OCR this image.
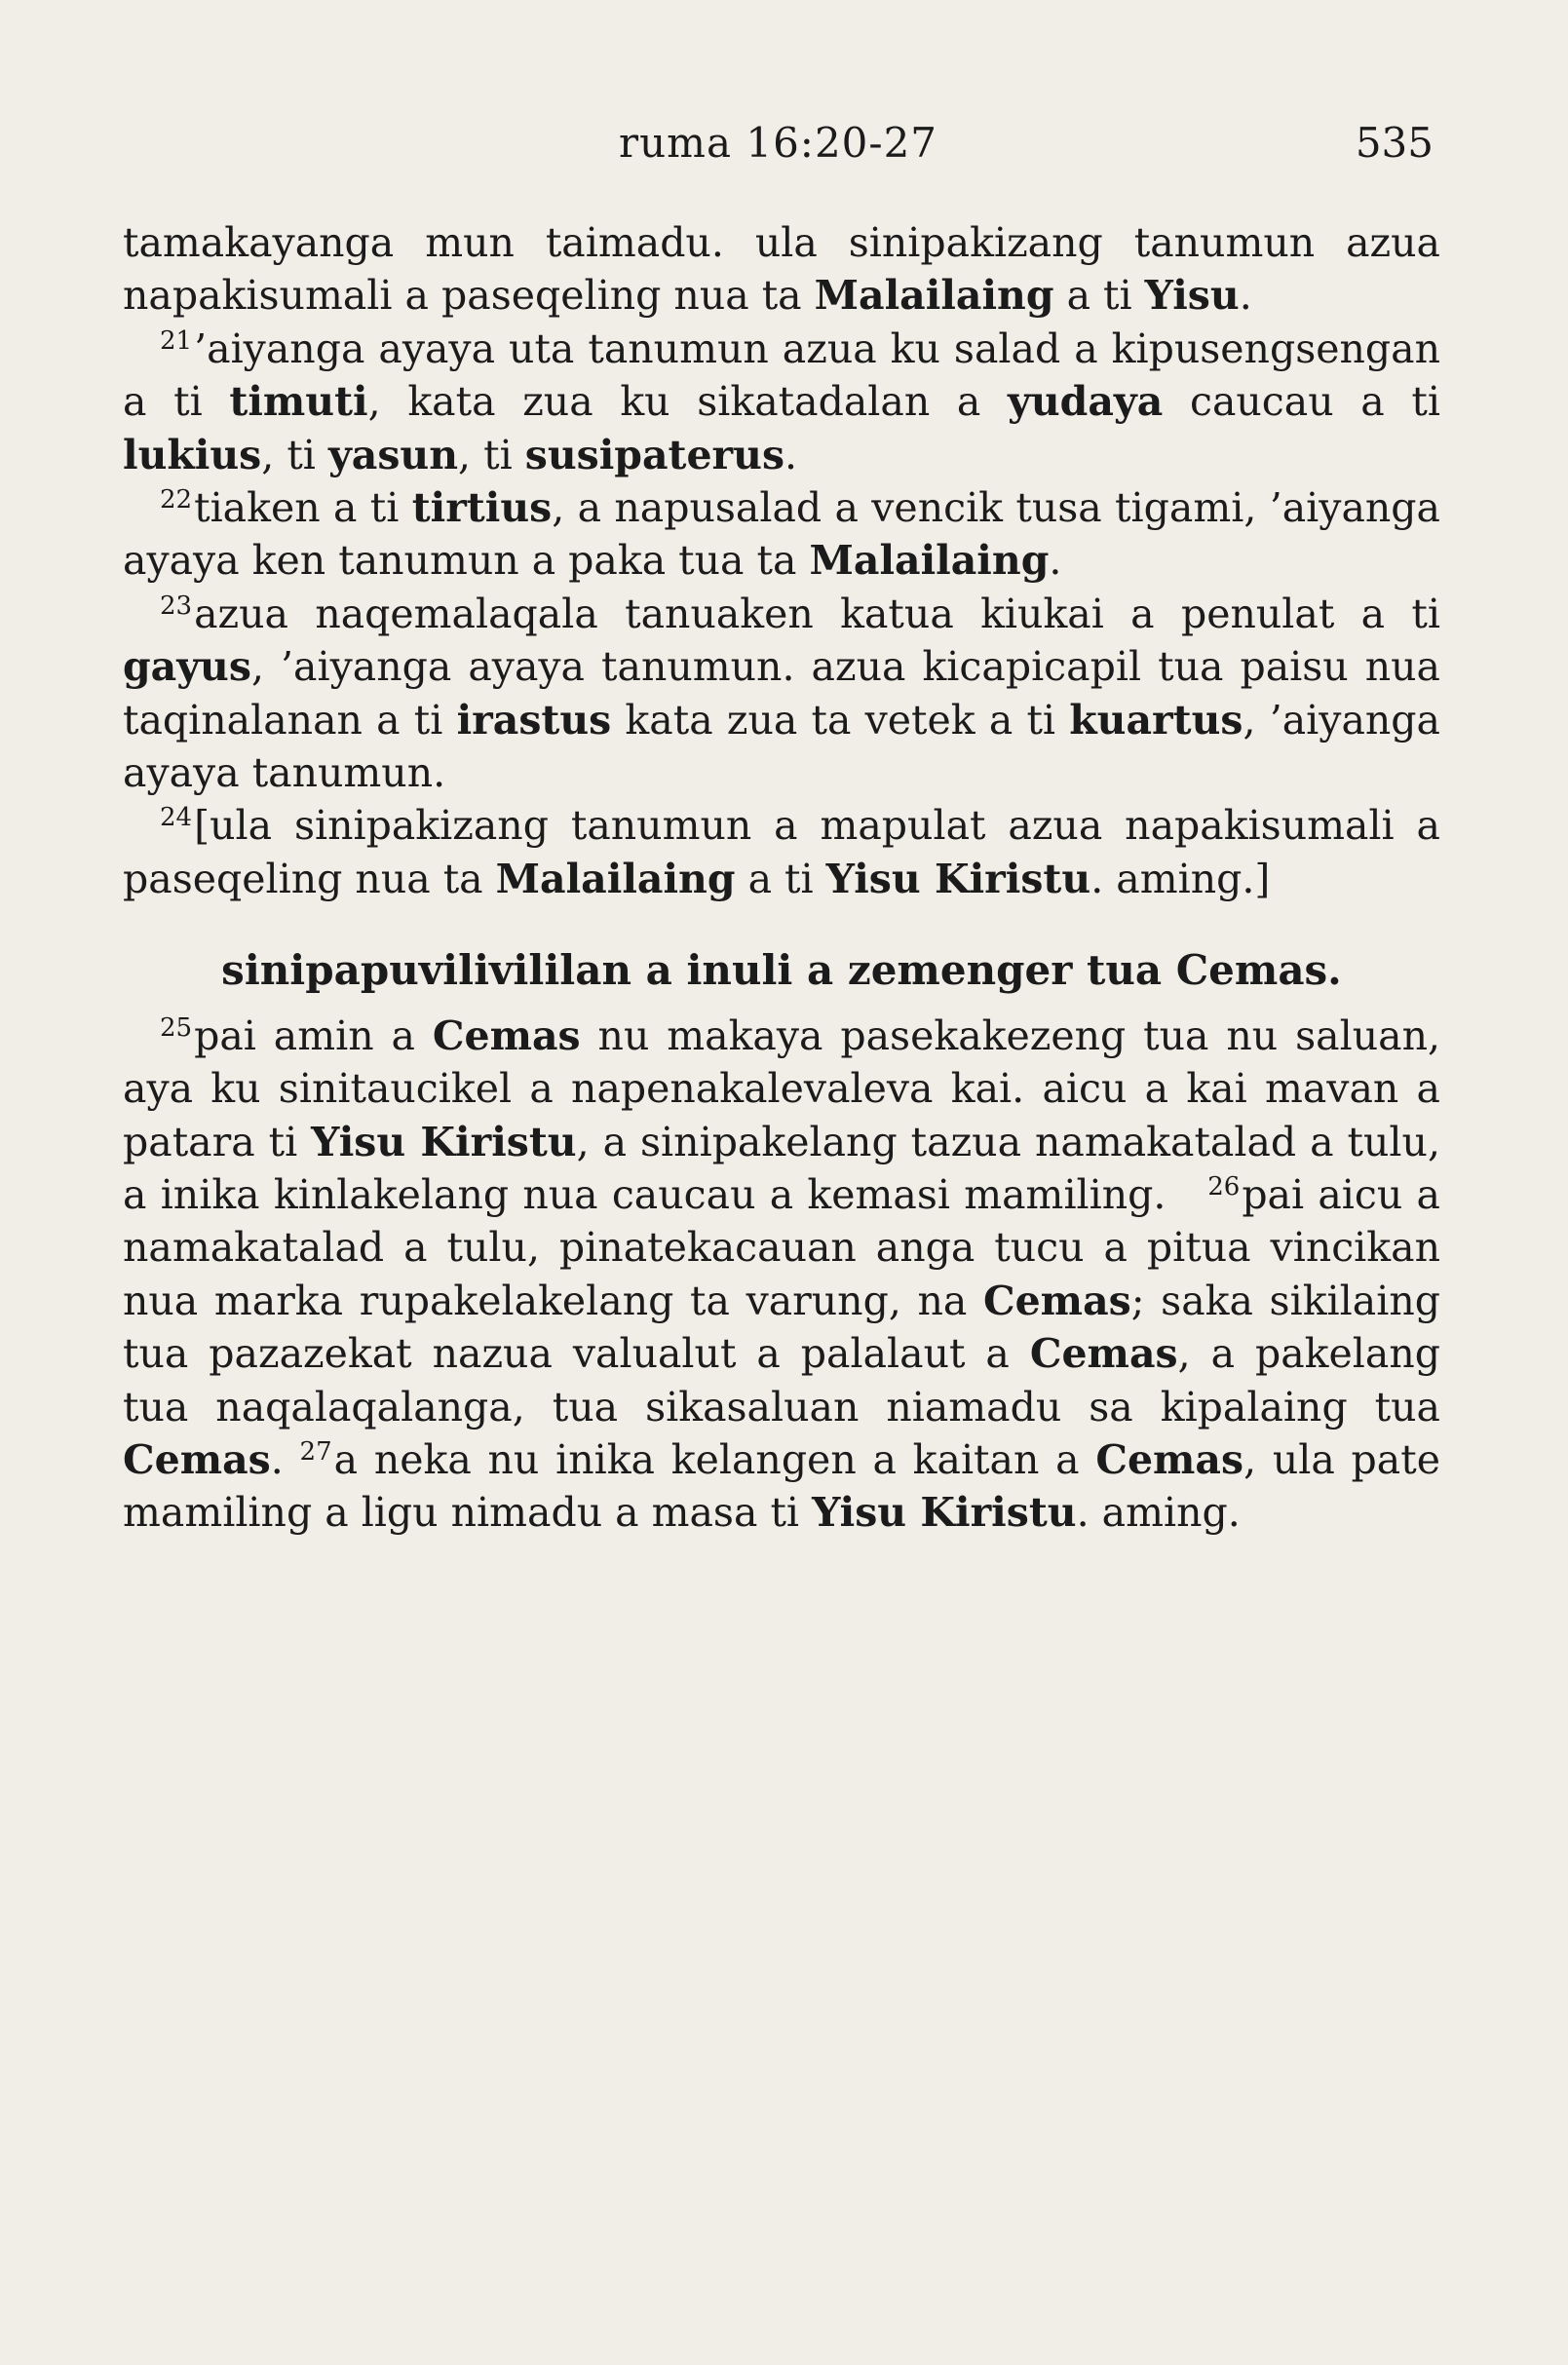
ruma 16:20-27	535

tamakayanga mun taimadu. ula sinipakizang tanumun azua napakisumali a paseqeling nua ta Malailaing a ti Yisu.

$^{21}$’aiyanga ayaya uta tanumun azua ku salad a kipusengsengan a ti timuti, kata zua ku sikatadalan a yudaya caucau a ti lukius, ti yasun, ti susipaterus.

$^{22}$tiaken a ti tirtius, a napusalad a vencik tusa tigami, ’aiyanga ayaya ken tanumun a paka tua ta Malailaing.

$^{23}$azua naqemalaqala tanuaken katua kiukai a penulat a ti gayus, ’aiyanga ayaya tanumun. azua kicapicapil tua paisu nua taqinalanan a ti irastus kata zua ta vetek a ti kuartus, ’aiyanga ayaya tanumun.

$^{24}$[ula sinipakizang tanumun a mapulat azua napakisumali a paseqeling nua ta Malailaing a ti Yisu Kiristu. aming.]

sinipapuvilivililan a inuli a zemenger tua Cemas.

$^{25}$pai amin a Cemas nu makaya pasekakezeng tua nu saluan, aya ku sinitaucikel a napenakalevaleva kai. aicu a kai mavan a patara ti Yisu Kiristu, a sinipakelang tazua namakatalad a tulu, a inika kinlakelang nua caucau a kemasi mamiling. $^{26}$pai aicu a namakatalad a tulu, pinatekacauan anga tucu a pitua vincikan nua marka rupakelakelang ta varung, na Cemas; saka sikilaing tua pazazekat nazua valualut a palalaut a Cemas, a pakelang tua naqalaqalanga, tua sikasaluan niamadu sa kipalaing tua Cemas. $^{27}$a neka nu inika kelangen a kaitan a Cemas, ula pate mamiling a ligu nimadu a masa ti Yisu Kiristu. aming.
